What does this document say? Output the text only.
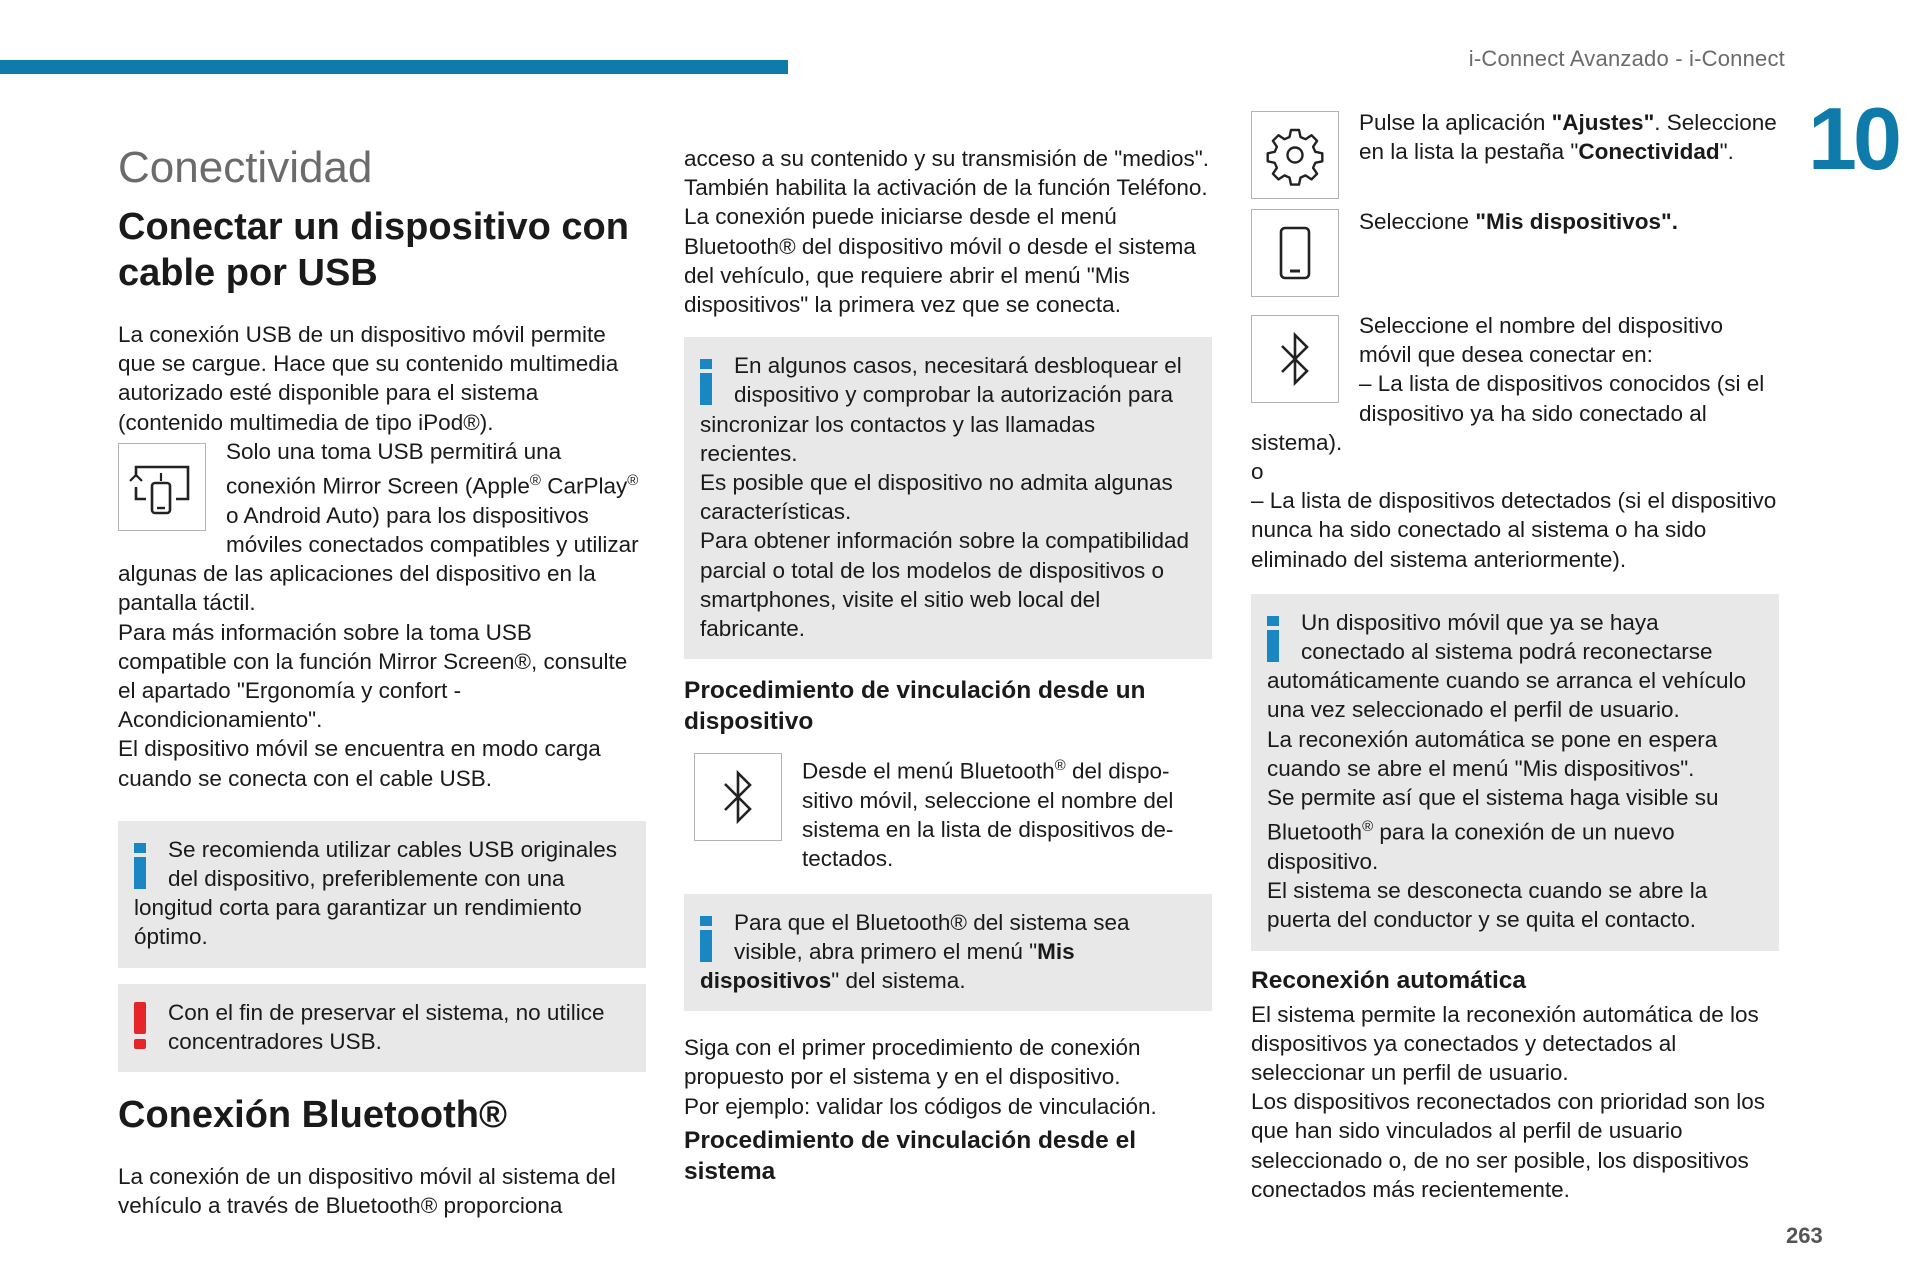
i-Connect Avanzado - i-Connect
10
263
Conectividad
Conectar un dispositivo con cable por USB

La conexión USB de un dispositivo móvil permite que se cargue. Hace que su contenido multimedia autorizado esté disponible para el sistema (contenido multimedia de tipo iPod®).

Solo una toma USB permitirá una conexión Mirror Screen (Apple® CarPlay® o Android Auto) para los dispositivos móviles conectados compatibles y utilizar algunas de las aplicaciones del dispositivo en la pantalla táctil.

Para más información sobre la toma USB compatible con la función Mirror Screen®, consulte el apartado "Ergonomía y confort - Acondicionamiento".

El dispositivo móvil se encuentra en modo carga cuando se conecta con el cable USB.

Se recomienda utilizar cables USB originales del dispositivo, preferiblemente con una longitud corta para garantizar un rendimiento óptimo.
Con el fin de preservar el sistema, no utilice concentradores USB.
Conexión Bluetooth®

La conexión de un dispositivo móvil al sistema del vehículo a través de Bluetooth® proporciona

acceso a su contenido y su transmisión de "medios". También habilita la activación de la función Teléfono.

La conexión puede iniciarse desde el menú Bluetooth® del dispositivo móvil o desde el sistema del vehículo, que requiere abrir el menú "Mis dispositivos" la primera vez que se conecta.

En algunos casos, necesitará desbloquear el dispositivo y comprobar la autorización para sincronizar los contactos y las llamadas recientes.

Es posible que el dispositivo no admita algunas características.

Para obtener información sobre la compatibilidad parcial o total de los modelos de dispositivos o smartphones, visite el sitio web local del fabricante.

Procedimiento de vinculación desde un dispositivo

Desde el menú Bluetooth® del dispo-sitivo móvil, seleccione el nombre del sistema en la lista de dispositivos de-tectados.

Para que el Bluetooth® del sistema sea visible, abra primero el menú "Mis dispositivos" del sistema.

Siga con el primer procedimiento de conexión propuesto por el sistema y en el dispositivo.

Por ejemplo: validar los códigos de vinculación.

Procedimiento de vinculación desde el sistema

Pulse la aplicación "Ajustes". Seleccione en la lista la pestaña "Conectividad".

Seleccione "Mis dispositivos".

Seleccione el nombre del dispositivo móvil que desea conectar en:

– La lista de dispositivos conocidos (si el dispositivo ya ha sido conectado al sistema).

o

– La lista de dispositivos detectados (si el dispositivo nunca ha sido conectado al sistema o ha sido eliminado del sistema anteriormente).

Un dispositivo móvil que ya se haya conectado al sistema podrá reconectarse automáticamente cuando se arranca el vehículo una vez seleccionado el perfil de usuario.

La reconexión automática se pone en espera cuando se abre el menú "Mis dispositivos".

Se permite así que el sistema haga visible su Bluetooth® para la conexión de un nuevo dispositivo.

El sistema se desconecta cuando se abre la puerta del conductor y se quita el contacto.

Reconexión automática

El sistema permite la reconexión automática de los dispositivos ya conectados y detectados al seleccionar un perfil de usuario.

Los dispositivos reconectados con prioridad son los que han sido vinculados al perfil de usuario seleccionado o, de no ser posible, los dispositivos conectados más recientemente.
